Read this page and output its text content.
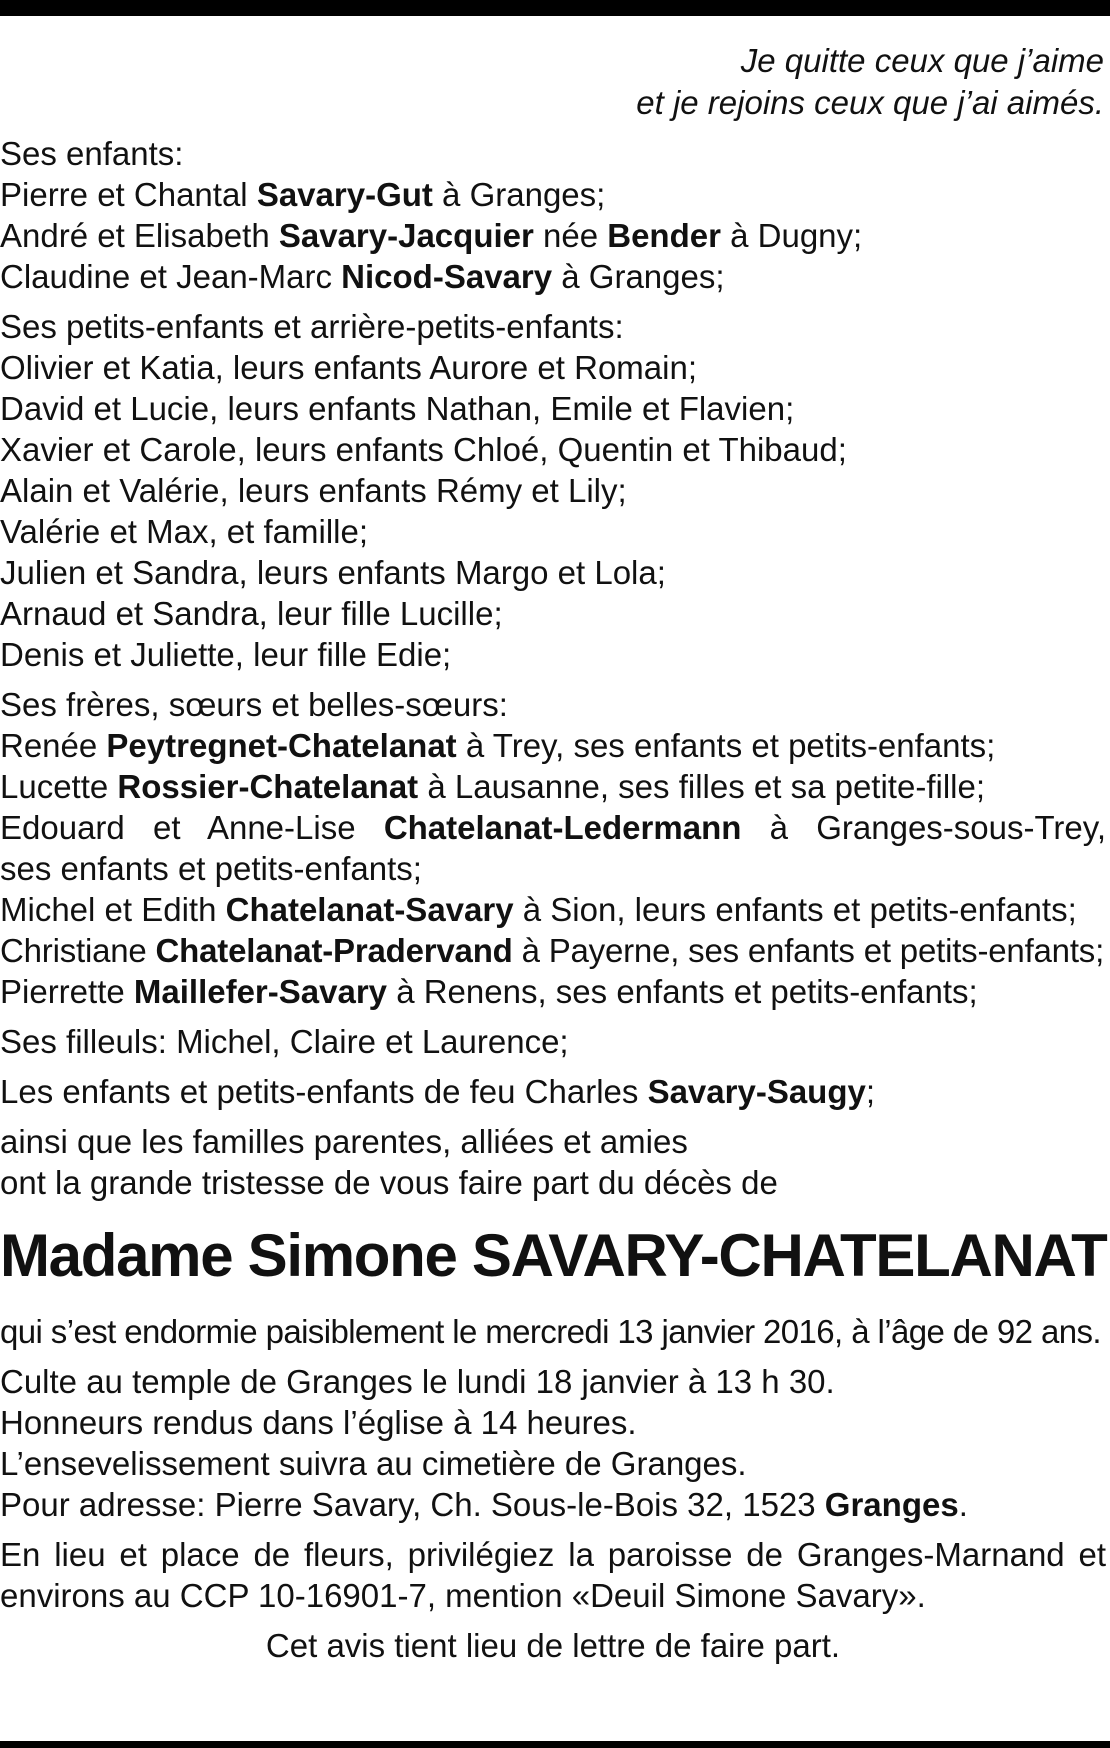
Je quitte ceux que j’aime
et je rejoins ceux que j’ai aimés.
Ses enfants:
Pierre et Chantal Savary-Gut à Granges;
André et Elisabeth Savary-Jacquier née Bender à Dugny;
Claudine et Jean-Marc Nicod-Savary à Granges;
Ses petits-enfants et arrière-petits-enfants:
Olivier et Katia, leurs enfants Aurore et Romain;
David et Lucie, leurs enfants Nathan, Emile et Flavien;
Xavier et Carole, leurs enfants Chloé, Quentin et Thibaud;
Alain et Valérie, leurs enfants Rémy et Lily;
Valérie et Max, et famille;
Julien et Sandra, leurs enfants Margo et Lola;
Arnaud et Sandra, leur fille Lucille;
Denis et Juliette, leur fille Edie;
Ses frères, sœurs et belles-sœurs:
Renée Peytregnet-Chatelanat à Trey, ses enfants et petits-enfants;
Lucette Rossier-Chatelanat à Lausanne, ses filles et sa petite-fille;
Edouard et Anne-Lise Chatelanat-Ledermann à Granges-sous-Trey,
ses enfants et petits-enfants;
Michel et Edith Chatelanat-Savary à Sion, leurs enfants et petits-enfants;
Christiane Chatelanat-Pradervand à Payerne, ses enfants et petits-enfants;
Pierrette Maillefer-Savary à Renens, ses enfants et petits-enfants;
Ses filleuls: Michel, Claire et Laurence;
Les enfants et petits-enfants de feu Charles Savary-Saugy;
ainsi que les familles parentes, alliées et amies
ont la grande tristesse de vous faire part du décès de
Madame Simone SAVARY-CHATELANAT
qui s’est endormie paisiblement le mercredi 13 janvier 2016, à l’âge de 92 ans.
Culte au temple de Granges le lundi 18 janvier à 13 h 30.
Honneurs rendus dans l’église à 14 heures.
L’ensevelissement suivra au cimetière de Granges.
Pour adresse: Pierre Savary, Ch. Sous-le-Bois 32, 1523 Granges.
En lieu et place de fleurs, privilégiez la paroisse de Granges-Marnand et
environs au CCP 10-16901-7, mention «Deuil Simone Savary».
Cet avis tient lieu de lettre de faire part.
